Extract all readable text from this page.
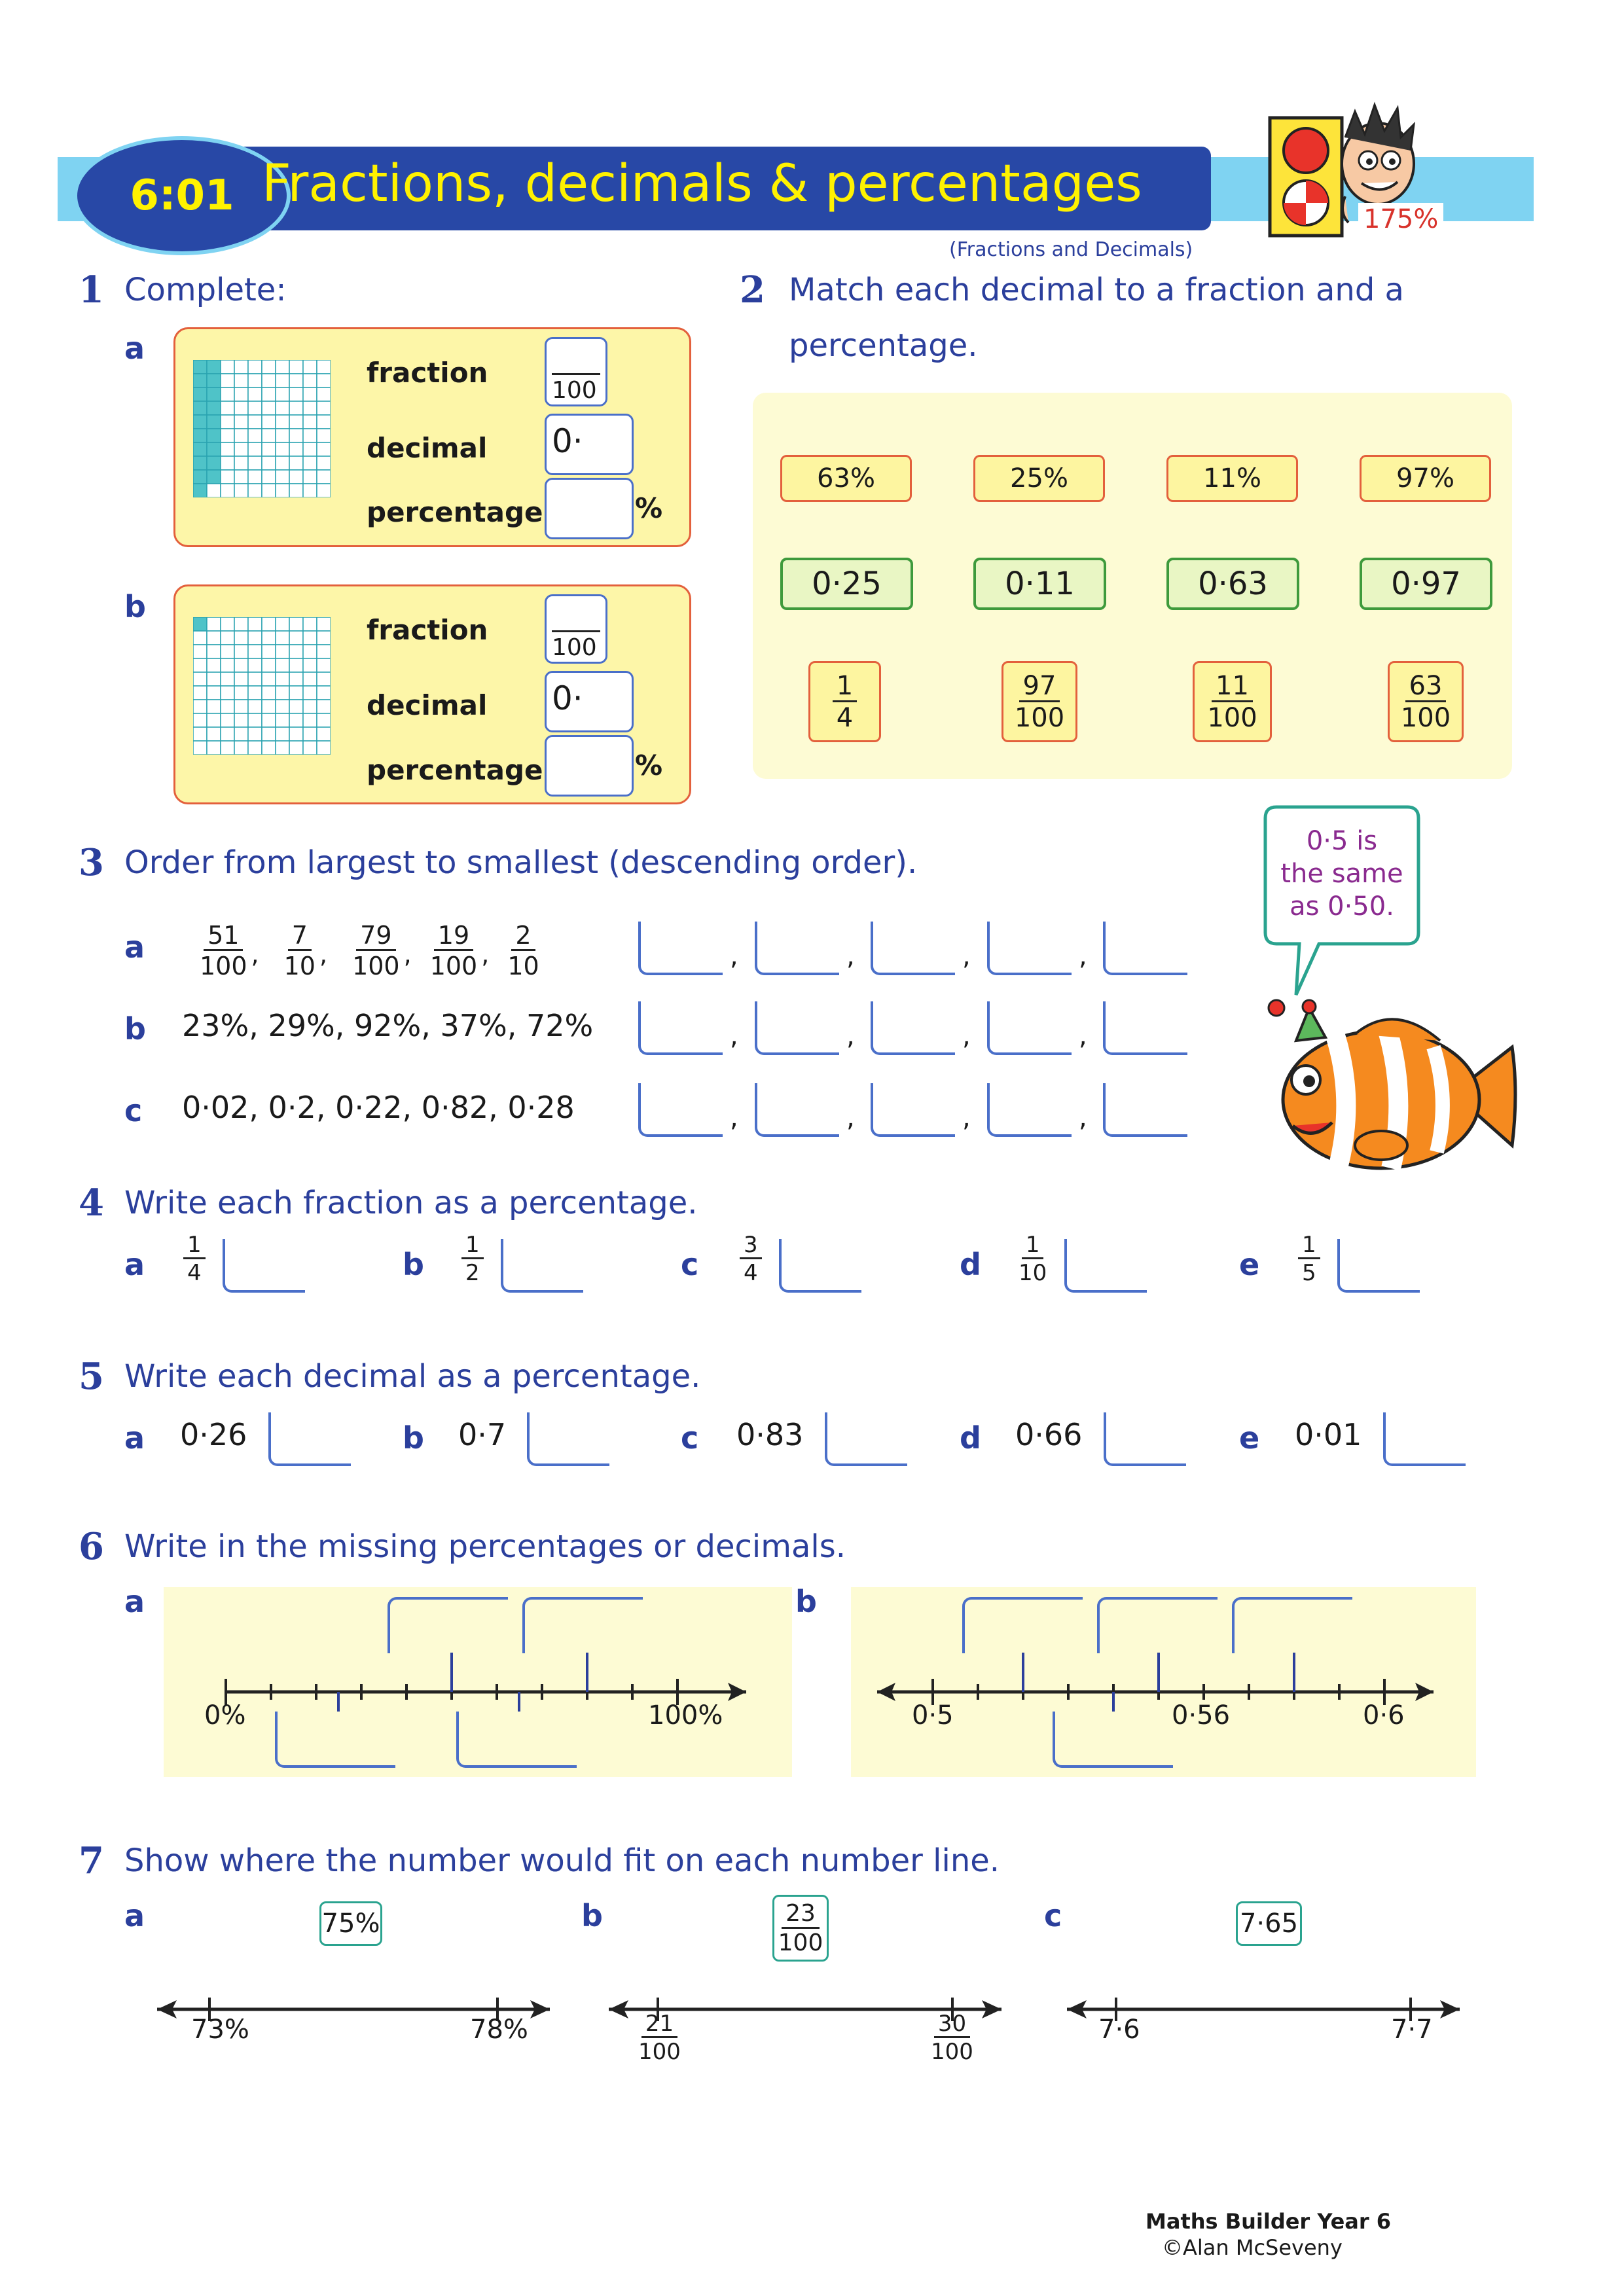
6:01 Fractions, decimals & percentages
(Fractions and Decimals)
175%
1 Complete:
a
fraction
100
decimal 0·
percentage	%
b
fraction
100
decimal 0·
percentage	%
2 Match each decimal to a fraction and a
percentage.
63%	25%	11%	97%
0·25	0·11	0·63	0·97
$\frac{1}{4}$	$\frac{97}{100}$	$\frac{11}{100}$	$\frac{63}{100}$
3 Order from largest to smallest (descending order).
a $\frac{51}{100}$ , $\frac{7}{10}$ , $\frac{79}{100}$ , $\frac{19}{100}$ , $\frac{2}{10}$	,	,	,	,
b 23%, 29%, 92%, 37%, 72%	,	,	,	,
c 0·02, 0·2, 0·22, 0·82, 0·28	,	,	,	,
0·5 is
the same
as 0·50.
4 Write each fraction as a percentage.
a $\frac{1}{4}$	b $\frac{1}{2}$	c $\frac{3}{4}$	d $\frac{1}{10}$	e $\frac{1}{5}$
5 Write each decimal as a percentage.
a 0·26	b 0·7	c 0·83	d 0·66	e 0·01
6 Write in the missing percentages or decimals.
a
0%	100%
b
0·5	0·56	0·6
7 Show where the number would fit on each number line.
a	75%
73%	78%
b	$\frac{23}{100}$
$\frac{21}{100}$	$\frac{30}{100}$
c	7·65
7·6	7·7
Maths Builder Year 6
©Alan McSeveny
